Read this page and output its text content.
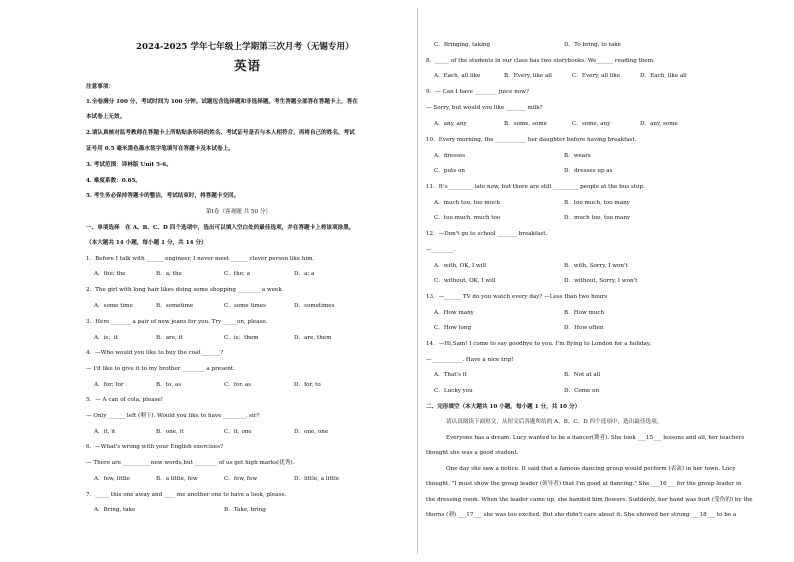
2024-2025 学年七年级上学期第三次月考（无锡专用）
英语
注意事项：
1.全卷满分 100 分，考试时间为 100 分钟。试题包含选择题和非选择题。考生答题全部答在答题卡上，答在
本试卷上无效。
2.请认真核对监考教师在答题卡上所粘贴条形码的姓名、考试证号是否与本人相符合，再将自己的姓名，考试
证号用 0.5 毫米黑色墨水签字笔填写在答题卡及本试卷上。
3. 考试范围：译林版 Unit 5-6。
4. 难度系数：0.65。
5. 考生务必保持答题卡的整洁，考试结束时，将答题卡交回。
第Ⅰ卷（客观题 共 50 分）
一、单项选择　在 A、B、C、D 四个选项中，选出可以填入空白处的最佳选项，并在答题卡上将该项涂黑。
（本大题共 14 小题，每小题 1 分，共 14 分）
1．Before I talk with ______ engineer, I never meet ______ clever person like him.
A．the; the	B．a; the	C．the; a	D．a; a
2．The girl with long hair likes doing some shopping ________ a week.
A．some time	B．sometime	C．some times	D．sometimes
3．Here _______ a pair of new jeans for you. Try _____on, please.
A．is；it	B．are, it	C．is；them	D．are, them
4．—Who would you like to buy the coat_______?
— I'd like to give it to my brother ________ a present.
A．for; for	B．to, as	C．for, as	D．for, to
5．— A can of cola, please!
— Only ______ left (剩下). Would you like to have ________, sir?
A．it, it	B．one, it	C．it, one	D．one, one
6．—What's wrong with your English exercises?
— There are __________new words,but ________ of us get high marks(优秀).
A．few, little	B．a little, few	C．few, few	D．little, a little
7．_____ this one away and ____ me another one to have a look, please.
A．Bring, take	B．Take, bring
C．Bringing, taking	D．To bring, to take
8．_____ of the students in our class has two storybooks. We______ reading them.
A．Each, all like	B．Every, like all	C．Every, all like	D．Each, like all
9．— Can I have ________ juice now?
— Sorry, but would you like _______ milk?
A．any, any	B．some, some	C．some, any	D．any, some
10．Every morning, the ___________ her daughter before having breakfast.
A．dresses	B．wears
C．puts on	D．dresses up as
11．It's_________ late now, but there are still _________ people at the bus stop.
A．much too, too much	B．too much, too many
C．too much, much too	D．much too, too many
12．—Don't go to school _______ breakfast.
—________.
A．with, OK, I will	B．with, Sorry, I won't
C．without, OK, I will	D．without, Sorry, I won't
13．—______ TV do you watch every day? —Less than two hours
A．How many	B．How much
C．How long	D．How often
14．—Hi,Sam! I come to say goodbye to you. I'm flying to London for a holiday.
—___________. Have a nice trip!
A．That's it	B．Not at all
C．Lucky you	D．Come on
二、完形填空（本大题共 10 小题，每小题 1 分，共 10 分）
请认真阅读下面短文，从短文后各题所给的 A、B、C、D 四个选项中，选出最佳选项。
Everyone has a dream. Lucy wanted to be a dancer(舞者). She took ___15___ lessons and all, her teachers
thought she was a good student.
One day she saw a notice. It said that a famous dancing group would perform (表演) in her town. Lucy
thought, "I must show the group leader (领导者) that I'm good at dancing." She ___16___ for the group leader in
the dressing room. When the leader came up, she handed him flowers. Suddenly, her hand was hurt (受伤的) by the
thorns (刺) ___17___ she was too excited. But she didn't care about it. She showed her strong ___18___ to be a
